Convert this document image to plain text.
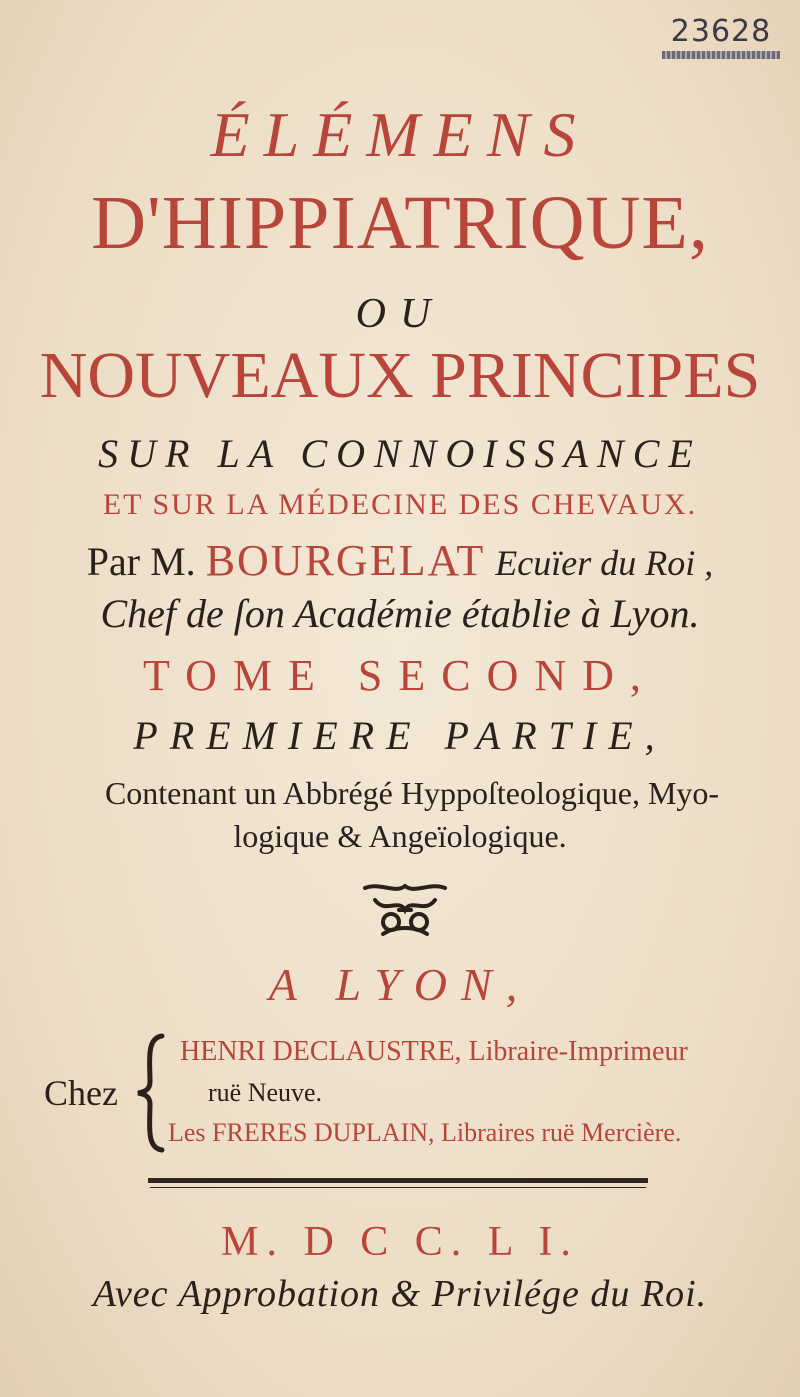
23628
ÉLÉMENS
D'HIPPIATRIQUE,
OU
NOUVEAUX PRINCIPES
SUR LA CONNOISSANCE
ET SUR LA MÉDECINE DES CHEVAUX.
Par M. BOURGELAT Ecuïer du Roi ,
Chef de ſon Académie établie à Lyon.
TOME SECOND,
PREMIERE PARTIE,
Contenant un Abbrégé Hyppoſteologique, Myo-
logique & Angeïologique.
A LYON,
Chez
HENRI DECLAUSTRE, Libraire-Imprimeur
ruë Neuve.
Les FRERES DUPLAIN, Libraires ruë Mercière.
M. D C C. L I.
Avec Approbation & Privilége du Roi.
